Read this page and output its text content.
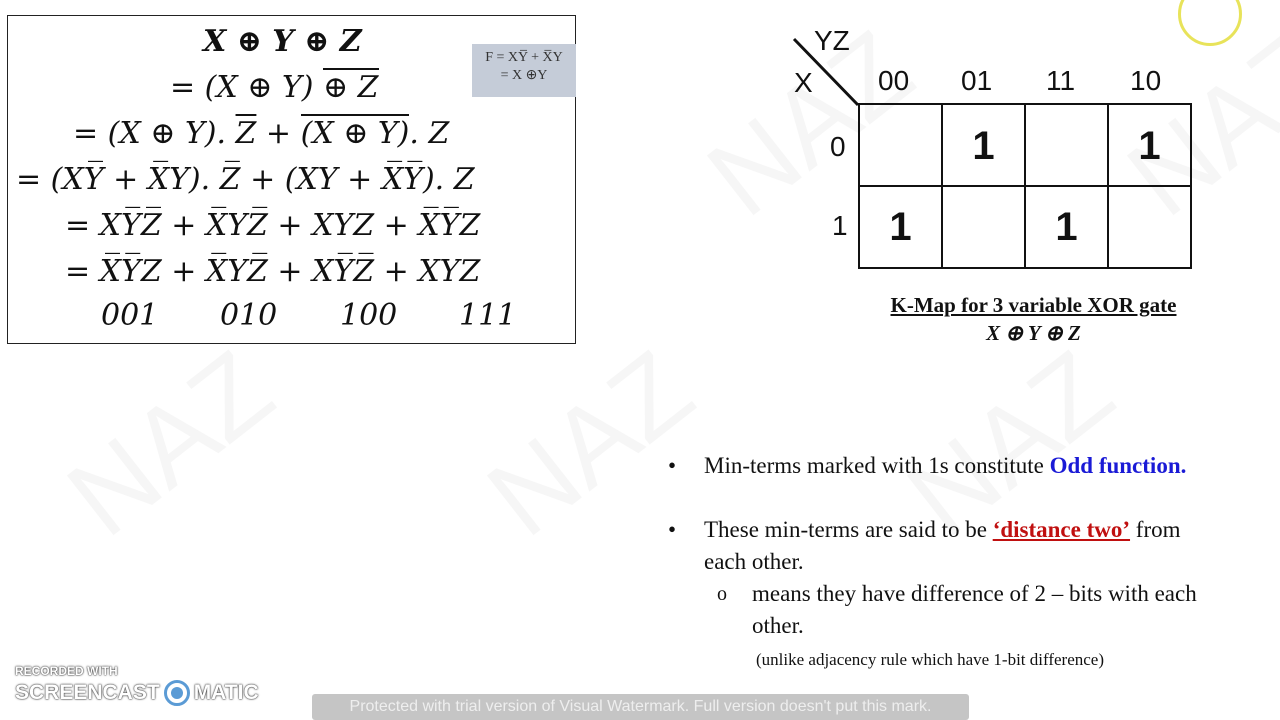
X ⊕ Y ⊕ Z
= (X ⊕ Y) ⊕ Z
= (X ⊕ Y). $\overline{Z} + (X$ ⊕ Y). Z
= (XY̅ + X̅Y). Z̅ + (XY + X̅Y̅). Z
= XY̅Z̅ + X̅YZ̅ + XYZ + X̅Y̅Z
= X̅Y̅Z + X̅YZ̅ + XY̅Z̅ + XYZ
001 010 100 111
F = XY̅ + X̅Y
= X ⊕Y
YZ
X 00 01 11 10
0
1
1	1
1	1
K-Map for 3 variable XOR gate
X ⊕ Y ⊕ Z
• Min-terms marked with 1s constitute Odd function.
• These min-terms are said to be ‘distance two’ from
each other.
o means they have difference of 2 – bits with each
other.
(unlike adjacency rule which have 1-bit difference)
RECORDED WITH
SCREENCAST MATIC
Protected with trial version of Visual Watermark. Full version doesn't put this mark.
